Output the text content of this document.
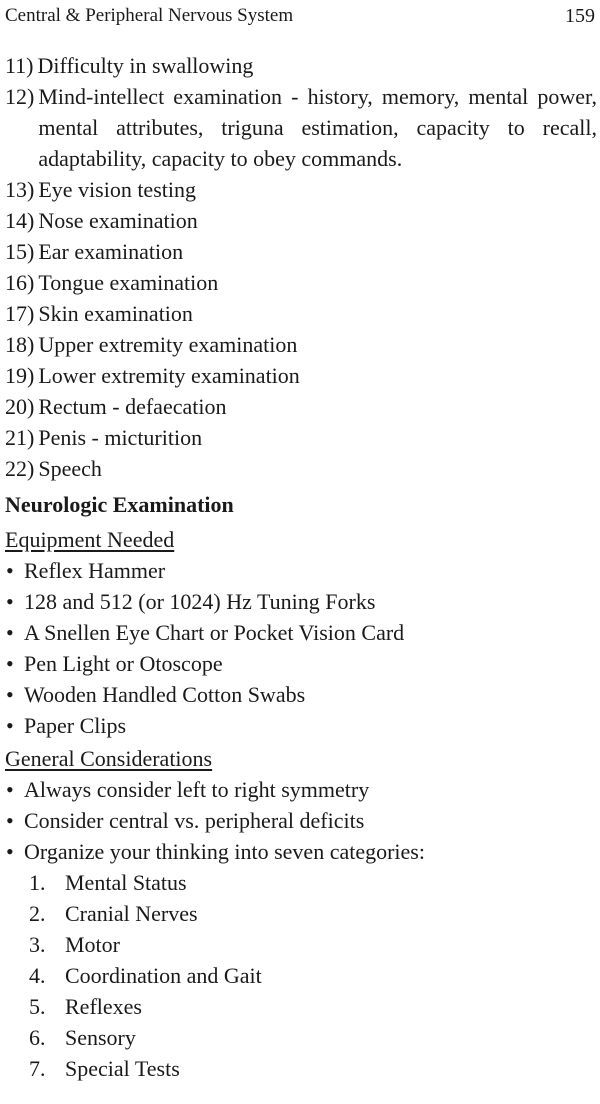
Central & Peripheral Nervous System	159
11) Difficulty in swallowing
12) Mind-intellect examination - history, memory, mental power, mental attributes, triguna estimation, capacity to recall, adaptability, capacity to obey commands.
13) Eye vision testing
14) Nose examination
15) Ear examination
16) Tongue examination
17) Skin examination
18) Upper extremity examination
19) Lower extremity examination
20) Rectum - defaecation
21) Penis - micturition
22) Speech
Neurologic Examination
Equipment Needed
• Reflex Hammer
• 128 and 512 (or 1024) Hz Tuning Forks
• A Snellen Eye Chart or Pocket Vision Card
• Pen Light or Otoscope
• Wooden Handled Cotton Swabs
• Paper Clips
General Considerations
• Always consider left to right symmetry
• Consider central vs. peripheral deficits
• Organize your thinking into seven categories:
1. Mental Status
2. Cranial Nerves
3. Motor
4. Coordination and Gait
5. Reflexes
6. Sensory
7. Special Tests
